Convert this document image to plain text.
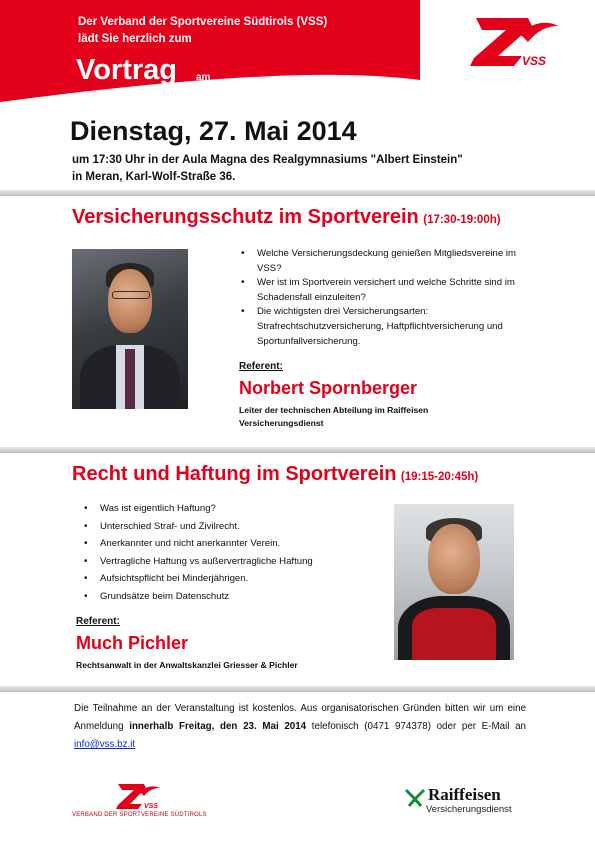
Der Verband der Sportvereine Südtirols (VSS)
lädt Sie herzlich zum
Vortrag am
VSS
Dienstag, 27. Mai 2014
um 17:30 Uhr in der Aula Magna des Realgymnasiums "Albert Einstein"
in Meran, Karl-Wolf-Straße 36.
Versicherungsschutz im Sportverein (17:30-19:00h)
• Welche Versicherungsdeckung genießen Mitgliedsvereine im VSS?
• Wer ist im Sportverein versichert und welche Schritte sind im Schadensfall einzuleiten?
• Die wichtigsten drei Versicherungsarten: Strafrechtschutzversicherung, Haftpflichtversicherung und Sportunfallversicherung.
Referent:
Norbert Spornberger
Leiter der technischen Abteilung im Raiffeisen Versicherungsdienst
Recht und Haftung im Sportverein (19:15-20:45h)
• Was ist eigentlich Haftung?
• Unterschied Straf- und Zivilrecht.
• Anerkannter und nicht anerkannter Verein.
• Vertragliche Haftung vs außervertragliche Haftung
• Aufsichtspflicht bei Minderjährigen.
• Grundsätze beim Datenschutz
Referent:
Much Pichler
Rechtsanwalt in der Anwaltskanzlei Griesser & Pichler
Die Teilnahme an der Veranstaltung ist kostenlos. Aus organisatorischen Gründen bitten wir um eine Anmeldung innerhalb Freitag, den 23. Mai 2014 telefonisch (0471 974378) oder per E-Mail an info@vss.bz.it
VSS
VERBAND DER SPORTVEREINE SÜDTIROLS
Raiffeisen
Versicherungsdienst
